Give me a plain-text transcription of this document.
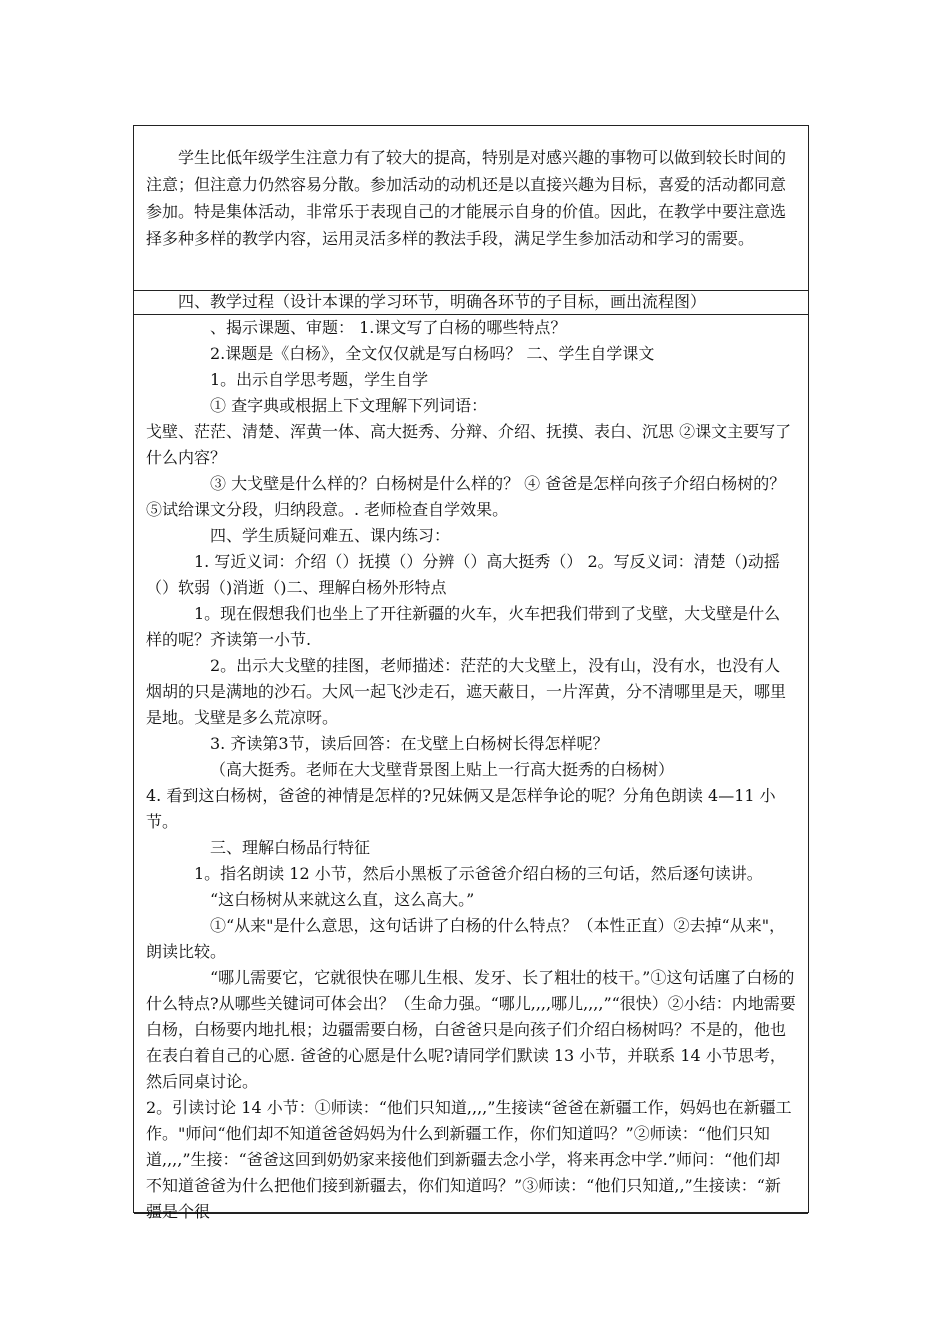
学生比低年级学生注意力有了较大的提高，特别是对感兴趣的事物可以做到较长时间的注意；但注意力仍然容易分散。参加活动的动机还是以直接兴趣为目标，喜爱的活动都同意参加。特是集体活动，非常乐于表现自己的才能展示自身的价值。因此，在教学中要注意选择多种多样的教学内容，运用灵活多样的教法手段，满足学生参加活动和学习的需要。

四、教学过程（设计本课的学习环节，明确各环节的子目标，画出流程图）

、揭示课题、审题： 1.课文写了白杨的哪些特点？

2.课题是《白杨》，全文仅仅就是写白杨吗？ 二、学生自学课文

1。出示自学思考题，学生自学

① 查字典或根据上下文理解下列词语：

戈壁、茫茫、清楚、浑黄一体、高大挺秀、分辩、介绍、抚摸、表白、沉思 ②课文主要写了什么内容？

③ 大戈壁是什么样的？白杨树是什么样的？ ④ 爸爸是怎样向孩子介绍白杨树的？ ⑤试给课文分段，归纳段意。. 老师检查自学效果。

四、学生质疑问难五、课内练习：

1. 写近义词：介绍（）抚摸（）分辨（）高大挺秀（） 2。写反义词：清楚（)动摇（）软弱（)消逝（)二、理解白杨外形特点

1。现在假想我们也坐上了开往新疆的火车，火车把我们带到了戈壁，大戈壁是什么样的呢？齐读第一小节.

2。出示大戈壁的挂图，老师描述：茫茫的大戈壁上，没有山，没有水，也没有人烟胡的只是满地的沙石。大风一起飞沙走石，遮天蔽日，一片浑黄，分不清哪里是天，哪里是地。戈壁是多么荒凉呀。

3. 齐读第3节，读后回答：在戈壁上白杨树长得怎样呢？

（高大挺秀。老师在大戈壁背景图上贴上一行高大挺秀的白杨树）

4. 看到这白杨树，爸爸的神情是怎样的?兄妹俩又是怎样争论的呢？分角色朗读 4—11 小节。

三、理解白杨品行特征

1。指名朗读 12 小节，然后小黑板了示爸爸介绍白杨的三句话，然后逐句读讲。

“这白杨树从来就这么直，这么高大。”

①“从来"是什么意思，这句话讲了白杨的什么特点？（本性正直）②去掉“从来"，朗读比较。

“哪儿需要它，它就很快在哪儿生根、发牙、长了粗壮的枝干。”①这句话廛了白杨的什么特点?从哪些关键词可体会出？（生命力强。“哪儿,,,,哪儿,,,,”“很快）②小结：内地需要白杨，白杨要内地扎根；边疆需要白杨，白爸爸只是向孩子们介绍白杨树吗？不是的，他也在表白着自己的心愿. 爸爸的心愿是什么呢?请同学们默读 13 小节，并联系 14 小节思考，然后同桌讨论。

2。引读讨论 14 小节：①师读：“他们只知道,,,,”生接读“爸爸在新疆工作，妈妈也在新疆工作。"师问“他们却不知道爸爸妈妈为什么到新疆工作，你们知道吗？”②师读：“他们只知道,,,,”生接：“爸爸这回到奶奶家来接他们到新疆去念小学，将来再念中学.”师问：“他们却不知道爸爸为什么把他们接到新疆去，你们知道吗？”③师读：“他们只知道,,”生接读：“新疆是个很
